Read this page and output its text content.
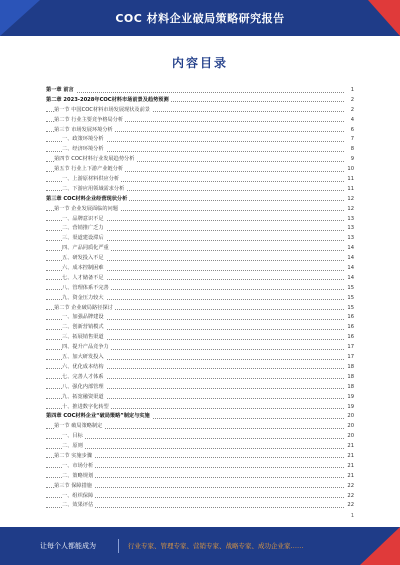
COC 材料企业破局策略研究报告
内容目录
第一章 前言	1
第二章 2023-2028年COC材料市场前景及趋势预测	2
第一节 中国COC材料市场发展现状及前景	2
第二节 行业主要竞争格局分析	4
第三节 市场发展环境分析	6
一、政策环境分析	7
二、经济环境分析	8
第四节 COC材料行业发展趋势分析	9
第五节 行业上下游产业链分析	10
一、上游原材料供应分析	11
二、下游应用领域需求分析	11
第三章 COC材料企业经营现状分析	12
第一节 企业发展面临的问题	12
一、品牌意识不足	13
二、营销推广乏力	13
三、渠道建设滞后	13
四、产品同质化严重	14
五、研发投入不足	14
六、成本控制困难	14
七、人才储备不足	14
八、管理体系不完善	15
九、资金压力较大	15
第二节 企业破局路径探讨	15
一、加强品牌建设	16
二、创新营销模式	16
三、拓展销售渠道	16
四、提升产品竞争力	17
五、加大研发投入	17
六、优化成本结构	18
七、完善人才体系	18
八、强化内部管理	18
九、拓宽融资渠道	19
十、推进数字化转型	19
第四章 COC材料企业“破局策略”制定与实施	20
第一节 破局策略制定	20
一、目标	20
二、原则	21
第二节 实施步骤	21
一、市场分析	21
二、策略规划	21
第三节 保障措施	22
一、组织保障	22
二、效果评估	22
1
让每个人都能成为	行业专家、管理专家、营销专家、战略专家、成功企业家……
